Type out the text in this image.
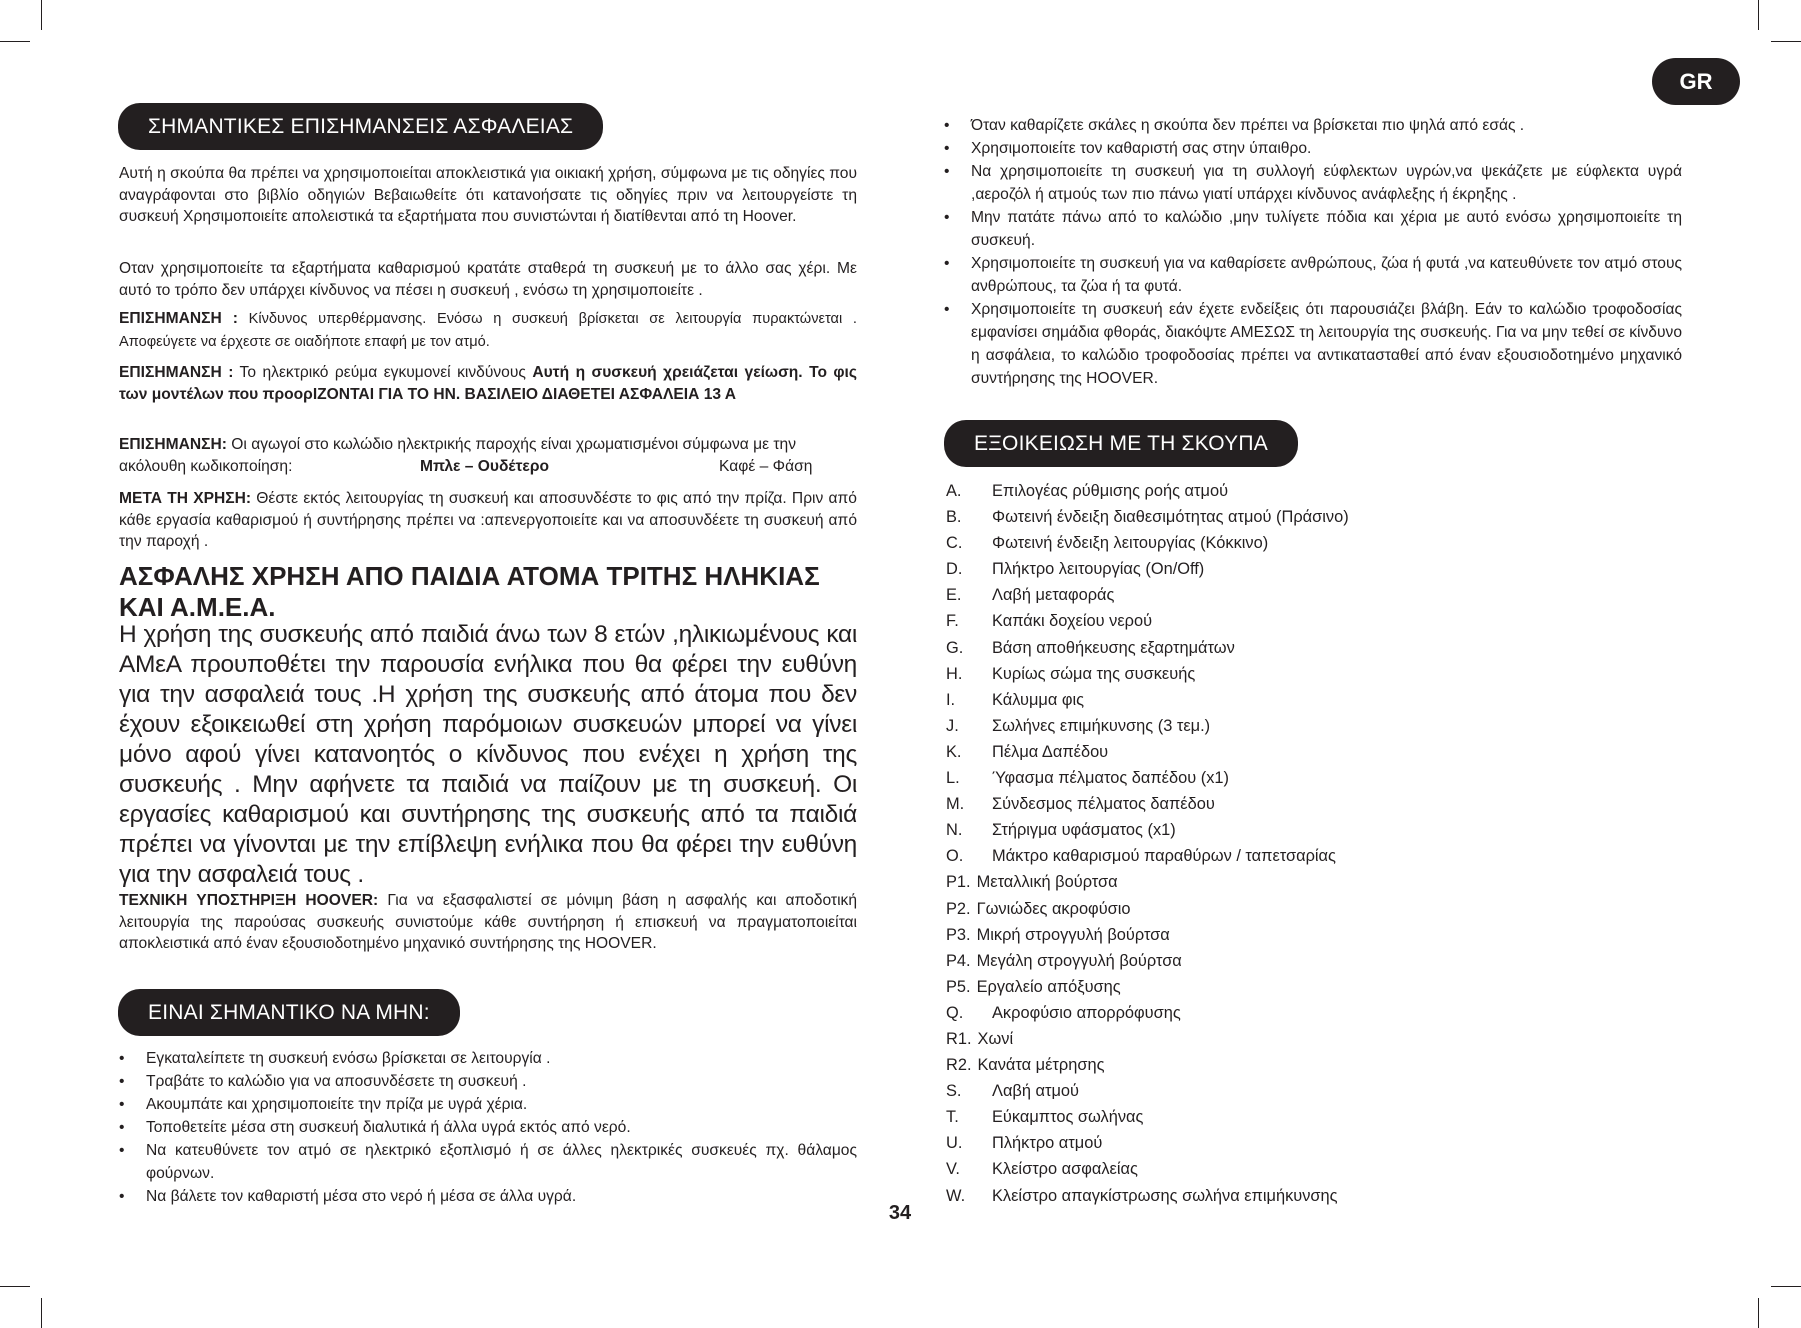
GR
ΣΗΜΑΝΤΙΚΕΣ ΕΠΙΣΗΜΑΝΣΕΙΣ ΑΣΦΑΛΕΙΑΣ

Αυτή η σκούπα θα πρέπει να χρησιμοποιείται αποκλειστικά για οικιακή χρήση, σύμφωνα με τις οδηγίες που αναγράφονται στο βιβλίο οδηγιών Βεβαιωθείτε ότι κατανοήσατε τις οδηγίες πριν να λειτουργείστε τη συσκευή Χρησιμοποιείτε απολειστικά τα εξαρτήματα που συνιστώνται ή διατίθενται από τη Hoover.

Οταν χρησιμοποιείτε τα εξαρτήματα καθαρισμού κρατάτε σταθερά τη συσκευή με το άλλο σας χέρι. Με αυτό το τρόπο δεν υπάρχει κίνδυνος να πέσει η συσκευή , ενόσω τη χρησιμοποιείτε .

ΕΠΙΣΗΜΑΝΣΗ : Κίνδυνος υπερθέρμανσης. Ενόσω η συσκευή βρίσκεται σε λειτουργία πυρακτώνεται . Αποφεύγετε να έρχεστε σε οιαδήποτε επαφή με τον ατμό.

ΕΠΙΣΗΜΑΝΣΗ : Το ηλεκτρικό ρεύμα εγκυμονεί κινδύνους Αυτή η συσκευή χρειάζεται γείωση. Το φις των μοντέλων που προορΙΖΟΝΤΑΙ ΓΙΑ ΤΟ ΗΝ. ΒΑΣΙΛΕΙΟ ΔΙΑΘΕΤΕΙ ΑΣΦΑΛΕΙΑ 13 Α

ΕΠΙΣΗΜΑΝΣΗ: Οι αγωγοί στο κωλώδιο ηλεκτρικής παροχής είναι χρωματισμένοι σύμφωνα με την ακόλουθη κωδικοποίηση:	Μπλε – Ουδέτερο	Καφέ – Φάση

ΜΕΤΑ ΤΗ ΧΡΗΣΗ: Θέστε εκτός λειτουργίας τη συσκευή και αποσυνδέστε το φις από την πρίζα. Πριν από κάθε εργασία καθαρισμού ή συντήρησης πρέπει να :απενεργοποιείτε και να αποσυνδέετε τη συσκευή από την παροχή .

ΑΣΦΑΛΗΣ ΧΡΗΣΗ ΑΠΟ ΠΑΙΔΙΑ ΑΤΟΜΑ ΤΡΙΤΗΣ ΗΛΗΚΙΑΣ ΚΑΙ Α.Μ.Ε.Α.

Η χρήση της συσκευής από παιδιά άνω των 8 ετών ,ηλικιωμένους και ΑΜεΑ προυποθέτει την παρουσία ενήλικα που θα φέρει την ευθύνη για την ασφαλειά τους .Η χρήση της συσκευής από άτομα που δεν έχουν εξοικειωθεί στη χρήση παρόμοιων συσκευών μπορεί να γίνει μόνο αφού γίνει κατανοητός ο κίνδυνος που ενέχει η χρήση της συσκευής . Μην αφήνετε τα παιδιά να παίζουν με τη συσκευή. Οι εργασίες καθαρισμού και συντήρησης της συσκευής από τα παιδιά πρέπει να γίνονται με την επίβλεψη ενήλικα που θα φέρει την ευθύνη για την ασφαλειά τους .

ΤΕΧΝΙΚΗ ΥΠΟΣΤΗΡΙΞΗ HOOVER: Για να εξασφαλιστεί σε μόνιμη βάση η ασφαλής και αποδοτική λειτουργία της παρούσας συσκευής συνιστούμε κάθε συντήρηση ή επισκευή να πραγματοποιείται αποκλειστικά από έναν εξουσιοδοτημένο μηχανικό συντήρησης της HOOVER.

ΕΙΝΑΙ ΣΗΜΑΝΤΙΚΟ ΝΑ ΜΗΝ:
• Εγκαταλείπετε τη συσκευή ενόσω βρίσκεται σε λειτουργία .
• Τραβάτε το καλώδιο για να αποσυνδέσετε τη συσκευή .
• Ακουμπάτε και χρησιμοποιείτε την πρίζα με υγρά χέρια.
• Τοποθετείτε μέσα στη συσκευή διαλυτικά ή άλλα υγρά εκτός από νερό.
• Να κατευθύνετε τον ατμό σε ηλεκτρικό εξοπλισμό ή σε άλλες ηλεκτρικές συσκευές πχ. θάλαμος φούρνων.
• Να βάλετε τον καθαριστή μέσα στο νερό ή μέσα σε άλλα υγρά.
• Όταν καθαρίζετε σκάλες η σκούπα δεν πρέπει να βρίσκεται πιο ψηλά από εσάς .
• Χρησιμοποιείτε τον καθαριστή σας στην ύπαιθρο.
• Να χρησιμοποιείτε τη συσκευή για τη συλλογή εύφλεκτων υγρών,να ψεκάζετε με εύφλεκτα υγρά ,αεροζόλ ή ατμούς των πιο πάνω γιατί υπάρχει κίνδυνος ανάφλεξης ή έκρηξης .
• Μην πατάτε πάνω από το καλώδιο ,μην τυλίγετε πόδια και χέρια με αυτό ενόσω χρησιμοποιείτε τη συσκευή.
• Χρησιμοποιείτε τη συσκευή για να καθαρίσετε ανθρώπους, ζώα ή φυτά ,να κατευθύνετε τον ατμό στους ανθρώπους, τα ζώα ή τα φυτά.
• Χρησιμοποιείτε τη συσκευή εάν έχετε ενδείξεις ότι παρουσιάζει βλάβη. Εάν το καλώδιο τροφοδοσίας εμφανίσει σημάδια φθοράς, διακόψτε ΑΜΕΣΩΣ τη λειτουργία της συσκευής. Για να μην τεθεί σε κίνδυνο η ασφάλεια, το καλώδιο τροφοδοσίας πρέπει να αντικατασταθεί από έναν εξουσιοδοτημένο μηχανικό συντήρησης της HOOVER.
ΕΞΟΙΚΕΙΩΣΗ ΜΕ ΤΗ ΣΚΟΥΠΑ
A. Επιλογέας ρύθμισης ροής ατμού
B. Φωτεινή ένδειξη διαθεσιμότητας ατμού (Πράσινο)
C. Φωτεινή ένδειξη λειτουργίας (Κόκκινο)
D. Πλήκτρο λειτουργίας (On/Off)
E. Λαβή μεταφοράς
F. Καπάκι δοχείου νερού
G. Βάση αποθήκευσης εξαρτημάτων
H. Κυρίως σώμα της συσκευής
I. Κάλυμμα φις
J. Σωλήνες επιμήκυνσης (3 τεμ.)
K. Πέλμα Δαπέδου
L. Ύφασμα πέλματος δαπέδου (x1)
M. Σύνδεσμος πέλματος δαπέδου
N. Στήριγμα υφάσματος (x1)
O. Μάκτρο καθαρισμού παραθύρων / ταπετσαρίας
P1. Μεταλλική βούρτσα
P2. Γωνιώδες ακροφύσιο
P3. Μικρή στρογγυλή βούρτσα
P4. Μεγάλη στρογγυλή βούρτσα
P5. Εργαλείο απόξυσης
Q. Ακροφύσιο απορρόφυσης
R1. Χωνί
R2. Κανάτα μέτρησης
S. Λαβή ατμού
T. Εύκαμπτος σωλήνας
U. Πλήκτρο ατμού
V. Κλείστρο ασφαλείας
W. Κλείστρο απαγκίστρωσης σωλήνα επιμήκυνσης
34
